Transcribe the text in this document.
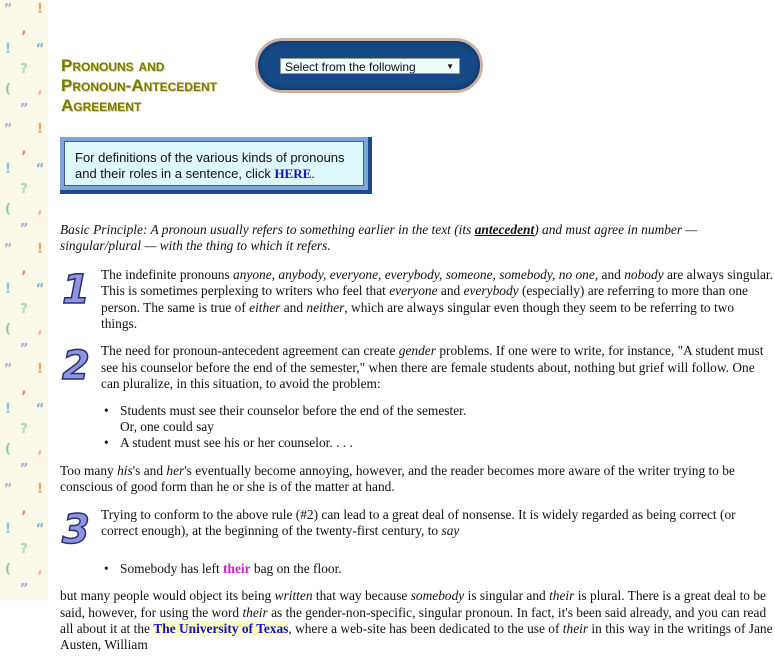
”	!
,
!	“
?
(	,
”
”	!
,
!	“
?
(	,
”
”	!
,
!	“
?
(	,
”
”	!
,
!	“
?
(	,
”
”	!
,
!	“
?
(	,
”
Pronouns and
Pronoun-Antecedent
Agreement
Select from the following	▼
For definitions of the various kinds of pronouns and their roles in a sentence, click HERE.
Basic Principle: A pronoun usually refers to something earlier in the text (its antecedent) and must agree in number — singular/plural — with the thing to which it refers.
1 The indefinite pronouns anyone, anybody, everyone, everybody, someone, somebody, no one, and nobody are always singular. This is sometimes perplexing to writers who feel that everyone and everybody (especially) are referring to more than one person. The same is true of either and neither, which are always singular even though they seem to be referring to two things.
2 The need for pronoun-antecedent agreement can create gender problems. If one were to write, for instance, "A student must see his counselor before the end of the semester," when there are female students about, nothing but grief will follow. One can pluralize, in this situation, to avoid the problem:
• Students must see their counselor before the end of the semester.
Or, one could say
• A student must see his or her counselor. . . .
Too many his's and her's eventually become annoying, however, and the reader becomes more aware of the writer trying to be conscious of good form than he or she is of the matter at hand.
3 Trying to conform to the above rule (#2) can lead to a great deal of nonsense. It is widely regarded as being correct (or correct enough), at the beginning of the twenty-first century, to say
• Somebody has left their bag on the floor.
but many people would object its being written that way because somebody is singular and their is plural. There is a great deal to be said, however, for using the word their as the gender-non-specific, singular pronoun. In fact, it's been said already, and you can read all about it at the The University of Texas, where a web-site has been dedicated to the use of their in this way in the writings of Jane Austen, William
